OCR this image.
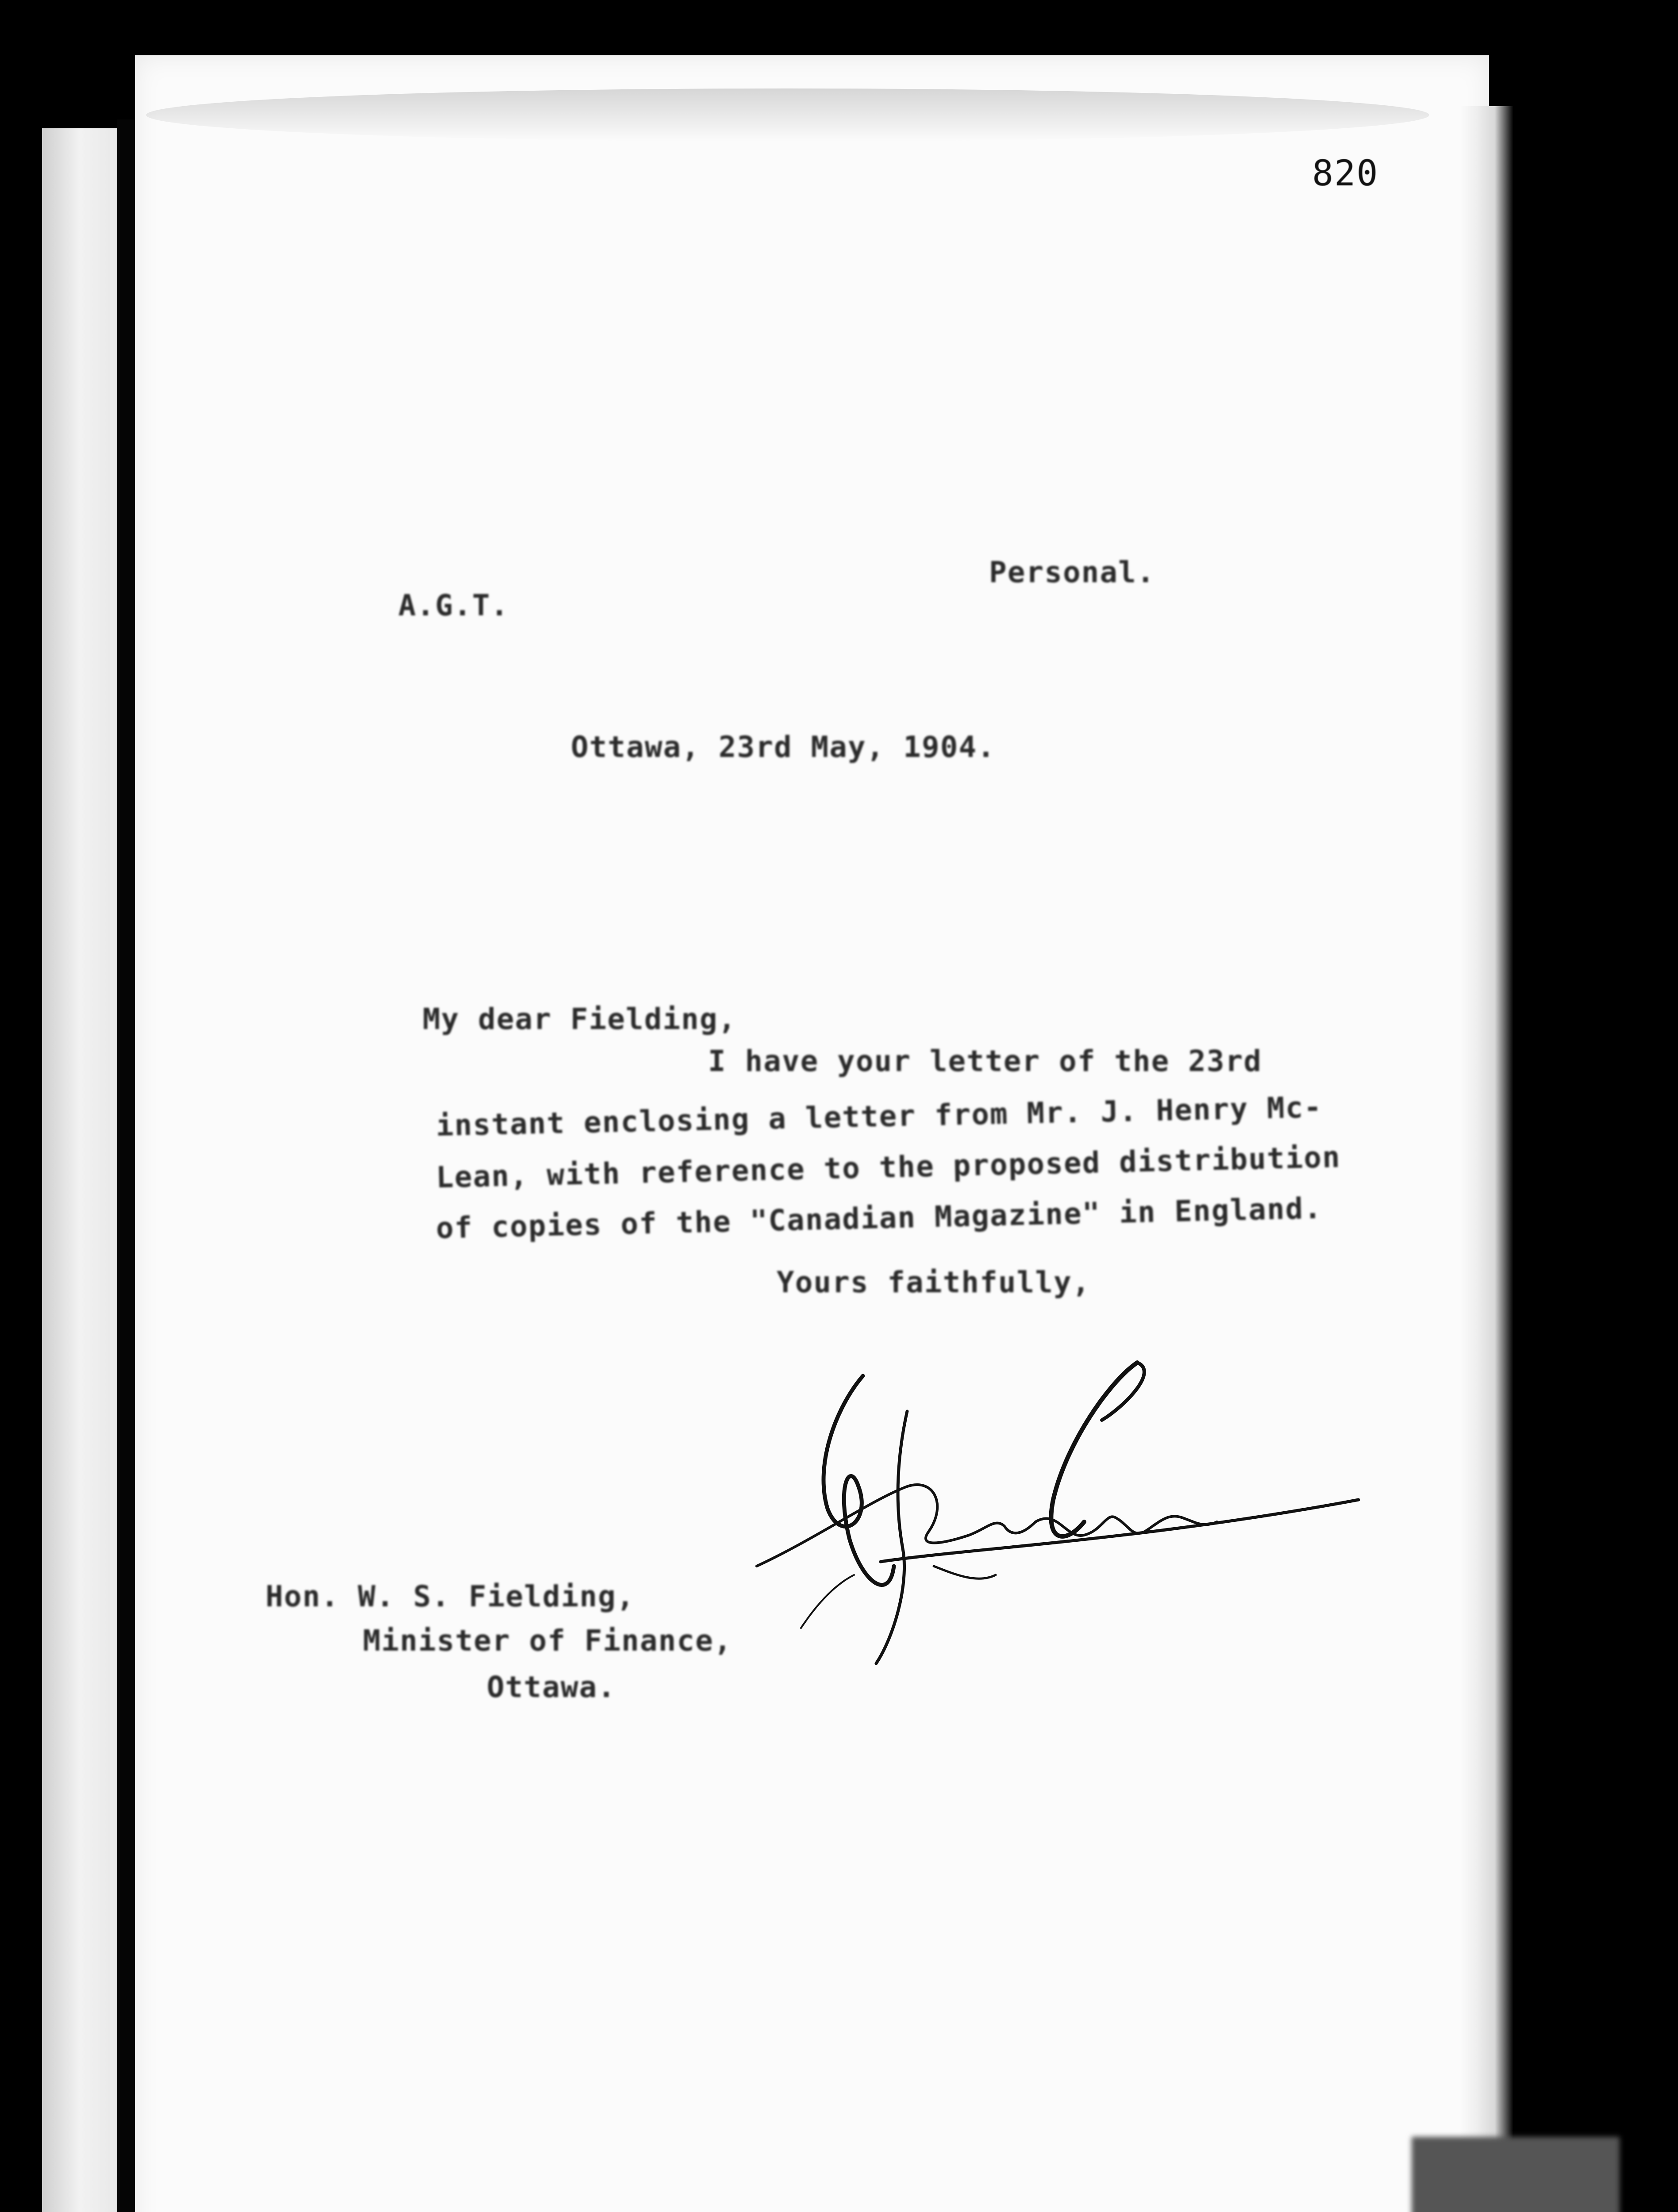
820
A.G.T.
Personal.
Ottawa, 23rd May, 1904.
My dear Fielding,
I have your letter of the 23rd
instant enclosing a letter from Mr. J. Henry Mc-
Lean, with reference to the proposed distribution
of copies of the "Canadian Magazine" in England.
Yours faithfully,
Hon. W. S. Fielding,
Minister of Finance,
Ottawa.
